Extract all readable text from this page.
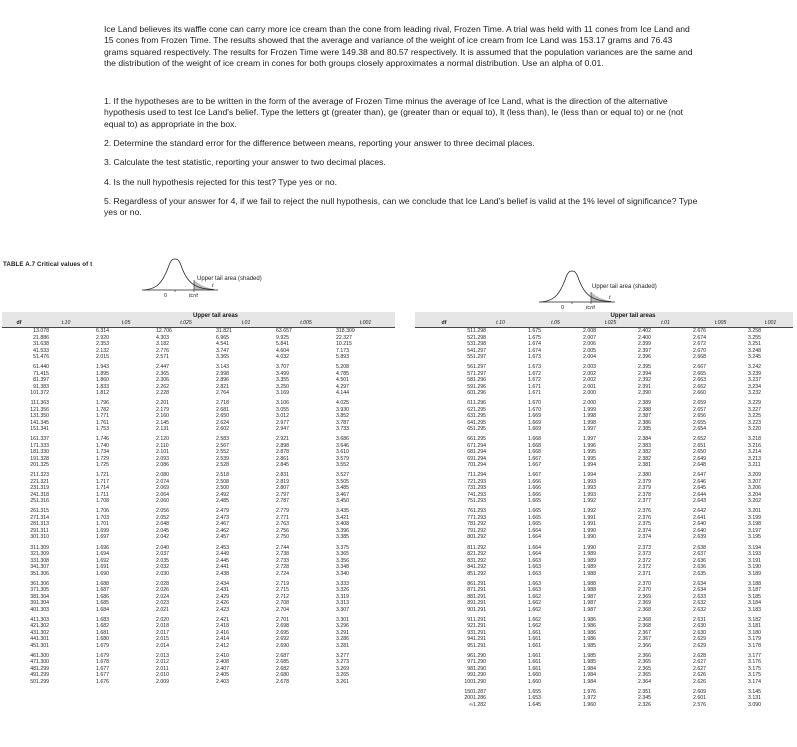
Ice Land believes its waffle cone can carry more ice cream than the cone from leading rival, Frozen Time. A trial was held with 11 cones from Ice Land and 15 cones from Frozen Time. The results showed that the average and variance of the weight of ice cream from Ice Land was 153.17 grams and 76.43 grams squared respectively. The results for Frozen Time were 149.38 and 80.57 respectively. It is assumed that the population variances are the same and the distribution of the weight of ice cream in cones for both groups closely approximates a normal distribution. Use an alpha of 0.01.
1. If the hypotheses are to be written in the form of the average of Frozen Time minus the average of Ice Land, what is the direction of the alternative hypothesis used to test Ice Land's belief. Type the letters gt (greater than), ge (greater than or equal to), lt (less than), le (less than or equal to) or ne (not equal to) as appropriate in the box.
2. Determine the standard error for the difference between means, reporting your answer to three decimal places.
3. Calculate the test statistic, reporting your answer to two decimal places.
4. Is the null hypothesis rejected for this test? Type yes or no.
5. Regardless of your answer for 4, if we fail to reject the null hypothesis, can we conclude that Ice Land's belief is valid at the 1% level of significance? Type yes or no.
TABLE A.7 Critical values of t
Upper tail area (shaded)
0	tcrit
t	Upper tail area (shaded)
0	tcrit
t
	Upper tail areas					
df	t.10	t.05	t.025	t.01	t.005	t.001
1	3.078	6.314	12.706	31.821	63.657	318.309
2	1.886	2.920	4.303	6.965	9.925	22.327
3	1.638	2.353	3.182	4.541	5.841	10.215
4	1.533	2.132	2.776	3.747	4.604	7.173
5	1.476	2.015	2.571	3.365	4.032	5.893
6	1.440	1.943	2.447	3.143	3.707	5.208
7	1.415	1.895	2.365	2.998	3.499	4.785
8	1.397	1.860	2.306	2.896	3.355	4.501
9	1.383	1.833	2.262	2.821	3.250	4.297
10	1.372	1.812	2.228	2.764	3.169	4.144
11	1.363	1.796	2.201	2.718	3.106	4.025
12	1.356	1.782	2.179	2.681	3.055	3.930
13	1.350	1.771	2.160	2.650	3.012	3.852
14	1.345	1.761	2.145	2.624	2.977	3.787
15	1.341	1.753	2.131	2.602	2.947	3.733
16	1.337	1.746	2.120	2.583	2.921	3.686
17	1.333	1.740	2.110	2.567	2.898	3.646
18	1.330	1.734	2.101	2.552	2.878	3.610
19	1.328	1.729	2.093	2.539	2.861	3.579
20	1.325	1.725	2.086	2.528	2.845	3.552
21	1.323	1.721	2.080	2.518	2.831	3.527
22	1.321	1.717	2.074	2.508	2.819	3.505
23	1.319	1.714	2.069	2.500	2.807	3.485
24	1.318	1.711	2.064	2.492	2.797	3.467
25	1.316	1.708	2.060	2.485	2.787	3.450
26	1.315	1.706	2.056	2.479	2.779	3.435
27	1.314	1.703	2.052	2.473	2.771	3.421
28	1.313	1.701	2.048	2.467	2.763	3.408
29	1.311	1.699	2.045	2.462	2.756	3.396
30	1.310	1.697	2.042	2.457	2.750	3.385
31	1.309	1.696	2.040	2.453	2.744	3.375
32	1.309	1.694	2.037	2.449	2.738	3.365
33	1.308	1.692	2.035	2.445	2.733	3.356
34	1.307	1.691	2.032	2.441	2.728	3.348
35	1.306	1.690	2.030	2.438	2.724	3.340
36	1.306	1.688	2.028	2.434	2.719	3.333
37	1.305	1.687	2.026	2.431	2.715	3.326
38	1.304	1.686	2.024	2.429	2.712	3.319
39	1.304	1.685	2.023	2.426	2.708	3.313
40	1.303	1.684	2.021	2.423	2.704	3.307
41	1.303	1.683	2.020	2.421	2.701	3.301
42	1.302	1.682	2.018	2.418	2.698	3.296
43	1.302	1.681	2.017	2.416	2.695	3.291
44	1.301	1.680	2.015	2.414	2.692	3.286
45	1.301	1.679	2.014	2.412	2.690	3.281
46	1.300	1.679	2.013	2.410	2.687	3.277
47	1.300	1.678	2.012	2.408	2.685	3.273
48	1.299	1.677	2.011	2.407	2.682	3.269
49	1.299	1.677	2.010	2.405	2.680	3.265
50	1.299	1.676	2.009	2.403	2.678	3.261
	Upper tail areas					
df	t.10	t.05	t.025	t.01	t.005	t.001
51	1.298	1.675	2.008	2.402	2.676	3.258
52	1.298	1.675	2.007	2.400	2.674	3.255
53	1.298	1.674	2.006	2.399	2.672	3.251
54	1.297	1.674	2.005	2.397	2.670	3.248
55	1.297	1.673	2.004	2.396	2.668	3.245
56	1.297	1.673	2.003	2.395	2.667	3.242
57	1.297	1.672	2.002	2.394	2.665	3.239
58	1.296	1.672	2.002	2.392	2.663	3.237
59	1.296	1.671	2.001	2.391	2.662	3.234
60	1.296	1.671	2.000	2.390	2.660	3.232
61	1.296	1.670	2.000	2.389	2.659	3.229
62	1.295	1.670	1.999	2.388	2.657	3.227
63	1.295	1.669	1.998	2.387	2.656	3.225
64	1.295	1.669	1.998	2.386	2.655	3.223
65	1.295	1.669	1.997	2.385	2.654	3.220
66	1.295	1.668	1.997	2.384	2.652	3.218
67	1.294	1.668	1.996	2.383	2.651	3.216
68	1.294	1.668	1.995	2.382	2.650	3.214
69	1.294	1.667	1.995	2.382	2.649	3.213
70	1.294	1.667	1.994	2.381	2.648	3.211
71	1.294	1.667	1.994	2.380	2.647	3.209
72	1.293	1.666	1.993	2.379	2.646	3.207
73	1.293	1.666	1.993	2.379	2.645	3.206
74	1.293	1.666	1.993	2.378	2.644	3.204
75	1.293	1.665	1.992	2.377	2.643	3.202
76	1.293	1.665	1.992	2.376	2.642	3.201
77	1.293	1.665	1.991	2.376	2.641	3.199
78	1.292	1.665	1.991	2.375	2.640	3.198
79	1.292	1.664	1.990	2.374	2.640	3.197
80	1.292	1.664	1.990	2.374	2.639	3.195
81	1.292	1.664	1.990	2.373	2.638	3.194
82	1.292	1.664	1.989	2.373	2.637	3.193
83	1.292	1.663	1.989	2.372	2.636	3.191
84	1.292	1.663	1.989	2.372	2.636	3.190
85	1.292	1.663	1.988	2.371	2.635	3.189
86	1.291	1.663	1.988	2.370	2.634	3.188
87	1.291	1.663	1.988	2.370	2.634	3.187
88	1.291	1.662	1.987	2.369	2.633	3.185
89	1.291	1.662	1.987	2.369	2.632	3.184
90	1.291	1.662	1.987	2.368	2.632	3.183
91	1.291	1.662	1.986	2.368	2.631	3.182
92	1.291	1.662	1.986	2.368	2.630	3.181
93	1.291	1.661	1.986	2.367	2.630	3.180
94	1.291	1.661	1.986	2.367	2.629	3.179
95	1.291	1.661	1.985	2.366	2.629	3.178
96	1.290	1.661	1.985	2.366	2.628	3.177
97	1.290	1.661	1.985	2.365	2.627	3.176
98	1.290	1.661	1.984	2.365	2.627	3.175
99	1.290	1.660	1.984	2.365	2.626	3.175
100	1.290	1.660	1.984	2.364	2.626	3.174
150	1.287	1.655	1.976	2.351	2.609	3.145
200	1.286	1.653	1.972	2.345	2.601	3.131
∞	1.282	1.645	1.960	2.326	2.576	3.090
